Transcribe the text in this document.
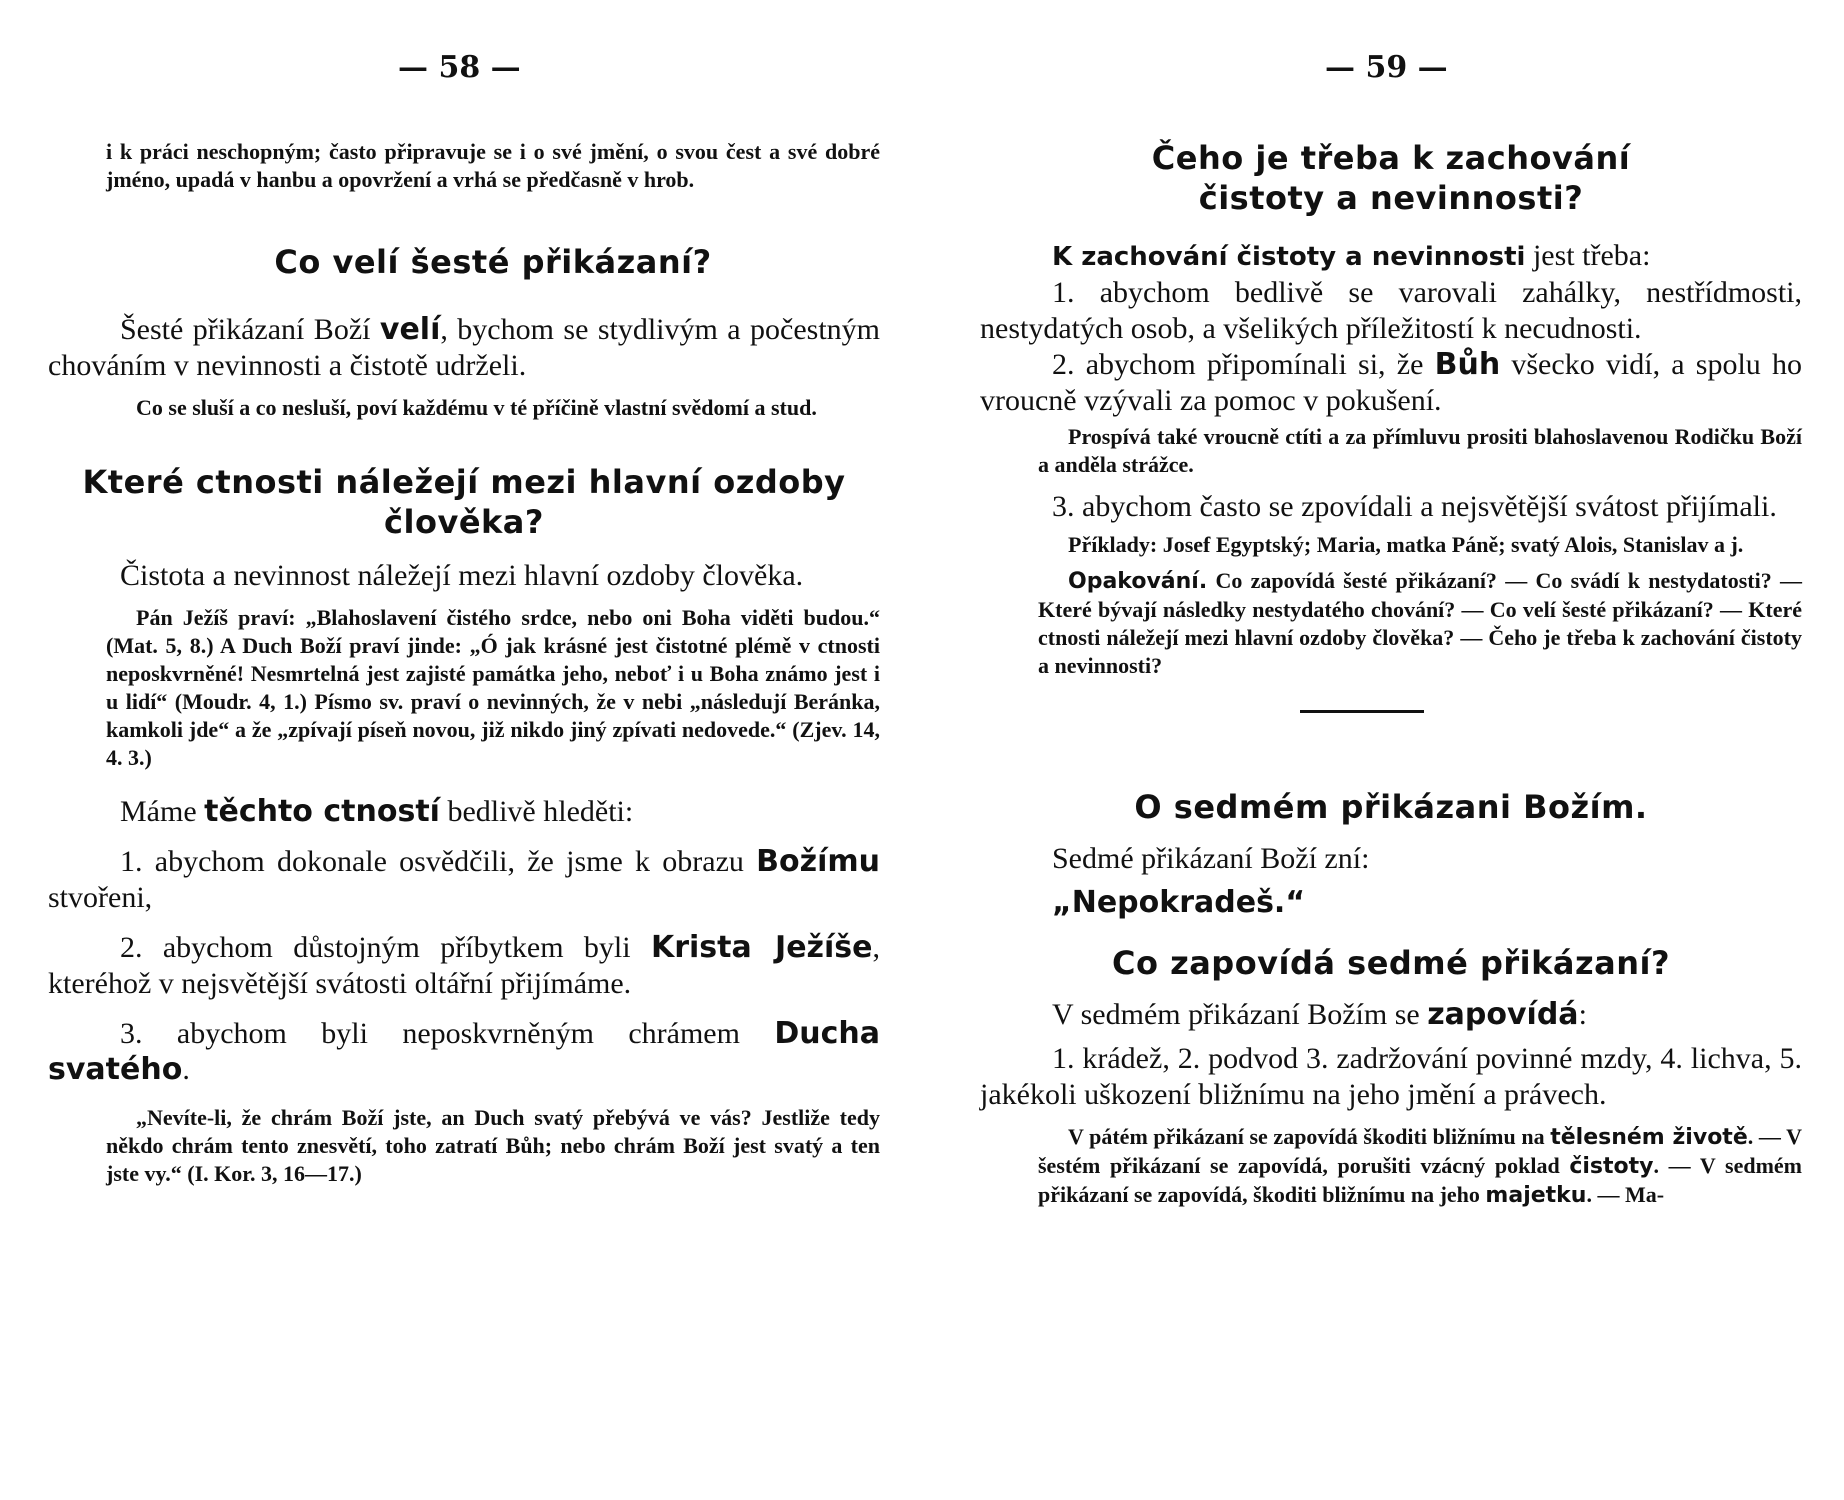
— 58 —

i k práci neschopným; často připravuje se i o své jmění, o svou čest a své dobré jméno, upadá v hanbu a opovržení a vrhá se předčasně v hrob.

Co velí šesté přikázaní?

Šesté přikázaní Boží velí, bychom se stydlivým a počestným chováním v nevinnosti a čistotě udrželi.

Co se sluší a co nesluší, poví každému v té příčině vlastní svědomí a stud.

Které ctnosti náležejí mezi hlavní ozdoby člověka?

Čistota a nevinnost náležejí mezi hlavní ozdoby člověka.

Pán Ježíš praví: „Blahoslavení čistého srdce, nebo oni Boha viděti budou.“ (Mat. 5, 8.) A Duch Boží praví jinde: „Ó jak krásné jest čistotné plémě v ctnosti neposkvrněné! Nesmrtelná jest zajisté památka jeho, neboť i u Boha známo jest i u lidí“ (Moudr. 4, 1.) Písmo sv. praví o nevinných, že v nebi „následují Beránka, kamkoli jde“ a že „zpívají píseň novou, již nikdo jiný zpívati nedovede.“ (Zjev. 14, 4. 3.)

Máme těchto ctností bedlivě hleděti:

1. abychom dokonale osvědčili, že jsme k obrazu Božímu stvořeni,

2. abychom důstojným příbytkem byli Krista Ježíše, kteréhož v nejsvětější svátosti oltářní přijímáme.

3. abychom byli neposkvrněným chrámem Ducha svatého.

„Nevíte-li, že chrám Boží jste, an Duch svatý přebývá ve vás? Jestliže tedy někdo chrám tento znesvětí, toho zatratí Bůh; nebo chrám Boží jest svatý a ten jste vy.“ (I. Kor. 3, 16—17.)

— 59 —

Čeho je třeba k zachování čistoty a nevinnosti?

K zachování čistoty a nevinnosti jest třeba:

1. abychom bedlivě se varovali zahálky, nestřídmosti, nestydatých osob, a všelikých příležitostí k necudnosti.

2. abychom připomínali si, že Bůh všecko vidí, a spolu ho vroucně vzývali za pomoc v pokušení.

Prospívá také vroucně ctíti a za přímluvu prositi blahoslavenou Rodičku Boží a anděla strážce.

3. abychom často se zpovídali a nejsvětější svátost přijímali.

Příklady: Josef Egyptský; Maria, matka Páně; svatý Alois, Stanislav a j.

Opakování. Co zapovídá šesté přikázaní? — Co svádí k nestydatosti? — Které bývají následky nestydatého chování? — Co velí šesté přikázaní? — Které ctnosti náležejí mezi hlavní ozdoby člověka? — Čeho je třeba k zachování čistoty a nevinnosti?

O sedmém přikázani Božím.

Sedmé přikázaní Boží zní:

„Nepokradeš.“

Co zapovídá sedmé přikázaní?

V sedmém přikázaní Božím se zapovídá:

1. krádež, 2. podvod 3. zadržování povinné mzdy, 4. lichva, 5. jakékoli uškození bližnímu na jeho jmění a právech.

V pátém přikázaní se zapovídá škoditi bližnímu na tělesném životě. — V šestém přikázaní se zapovídá, porušiti vzácný poklad čistoty. — V sedmém přikázaní se zapovídá, škoditi bližnímu na jeho majetku. — Ma-
